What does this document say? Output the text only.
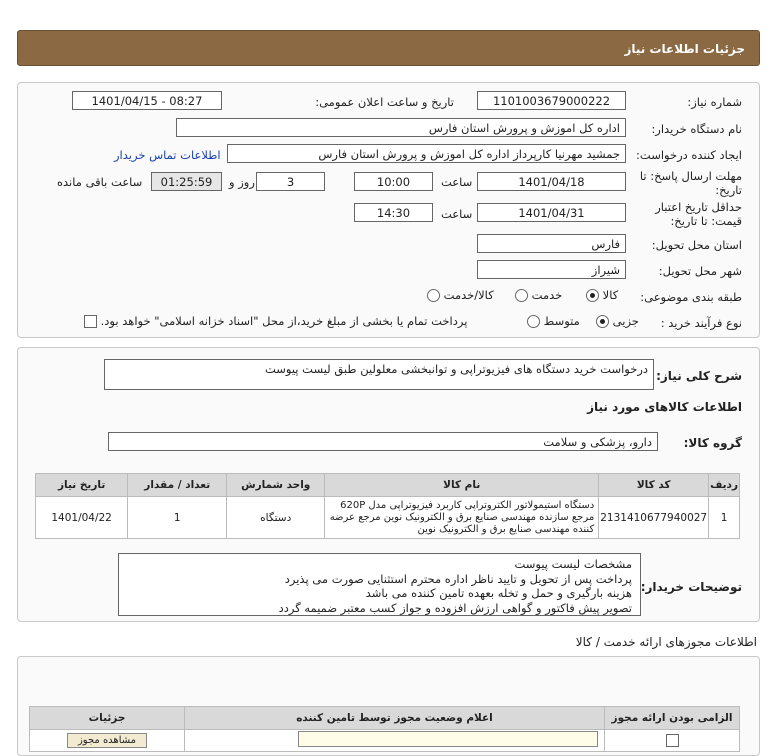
جزئیات اطلاعات نیاز
شماره نیاز:
1101003679000222
تاریخ و ساعت اعلان عمومی:
1401/04/15 - 08:27
نام دستگاه خریدار:
اداره کل اموزش و پرورش استان فارس
ایجاد کننده درخواست:
جمشید مهرنیا کارپرداز اداره کل اموزش و پرورش استان فارس
اطلاعات تماس خریدار
مهلت ارسال پاسخ: تا تاریخ:
1401/04/18
ساعت
10:00
3
روز و
01:25:59
ساعت باقی مانده
حداقل تاریخ اعتبار قیمت: تا تاریخ:
1401/04/31
ساعت
14:30
استان محل تحویل:
فارس
شهر محل تحویل:
شیراز
طبقه بندی موضوعی:
کالا
خدمت
کالا/خدمت
نوع فرآیند خرید :
جزیی
متوسط
پرداخت تمام یا بخشی از مبلغ خرید،از محل "اسناد خزانه اسلامی" خواهد بود.
شرح کلی نیاز:
درخواست خرید دستگاه های فیزیوتراپی و توانبخشی معلولین طبق لیست پیوست
اطلاعات کالاهای مورد نیاز
گروه کالا:
دارو، پزشکی و سلامت
ردیف	کد کالا	نام کالا	واحد شمارش	تعداد / مقدار	تاریخ نیاز
1	2131410677940027	دستگاه استیمولاتور الکتروتراپی کاربرد فیزیوتراپی مدل 620P مرجع سازنده مهندسی صنایع برق و الکترونیک نوین مرجع عرضه کننده مهندسی صنایع برق و الکترونیک نوین	دستگاه	1	1401/04/22
توضیحات خریدار:
مشخصات لیست پیوست
پرداخت پس از تحویل و تایید ناظر اداره محترم استثنایی صورت می پذیرد
هزینه بارگیری و حمل و تخله بعهده تامین کننده می باشد
تصویر پیش فاکتور و گواهی ارزش افزوده و جواز کسب معتبر ضمیمه گردد
اطلاعات مجوزهای ارائه خدمت / کالا
الزامی بودن ارائه مجوز	اعلام وضعیت مجوز توسط تامین کننده	جزئیات
		مشاهده مجوز
